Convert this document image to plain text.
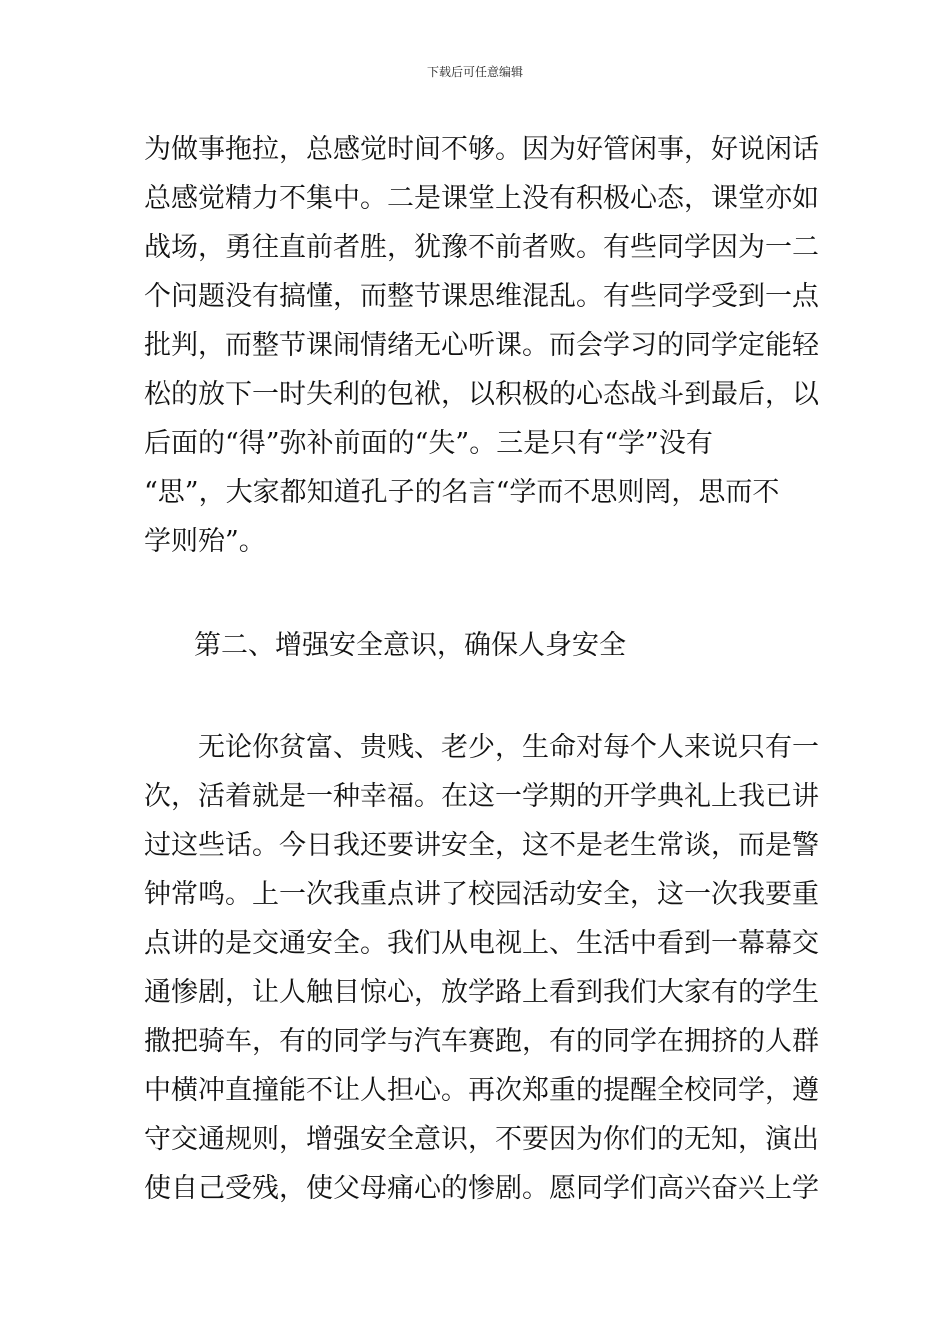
下载后可任意编辑
为做事拖拉，总感觉时间不够。因为好管闲事，好说闲话
总感觉精力不集中。二是课堂上没有积极心态，课堂亦如
战场，勇往直前者胜，犹豫不前者败。有些同学因为一二
个问题没有搞懂，而整节课思维混乱。有些同学受到一点
批判，而整节课闹情绪无心听课。而会学习的同学定能轻
松的放下一时失利的包袱，以积极的心态战斗到最后，以
后面的“得”弥补前面的“失”。三是只有“学”没有
“思”，大家都知道孔子的名言“学而不思则罔，思而不
学则殆”。
第二、增强安全意识，确保人身安全
　　无论你贫富、贵贱、老少，生命对每个人来说只有一
次，活着就是一种幸福。在这一学期的开学典礼上我已讲
过这些话。今日我还要讲安全，这不是老生常谈，而是警
钟常鸣。上一次我重点讲了校园活动安全，这一次我要重
点讲的是交通安全。我们从电视上、生活中看到一幕幕交
通惨剧，让人触目惊心，放学路上看到我们大家有的学生
撒把骑车，有的同学与汽车赛跑，有的同学在拥挤的人群
中横冲直撞能不让人担心。再次郑重的提醒全校同学，遵
守交通规则，增强安全意识，不要因为你们的无知，演出
使自己受残，使父母痛心的惨剧。愿同学们高兴奋兴上学
